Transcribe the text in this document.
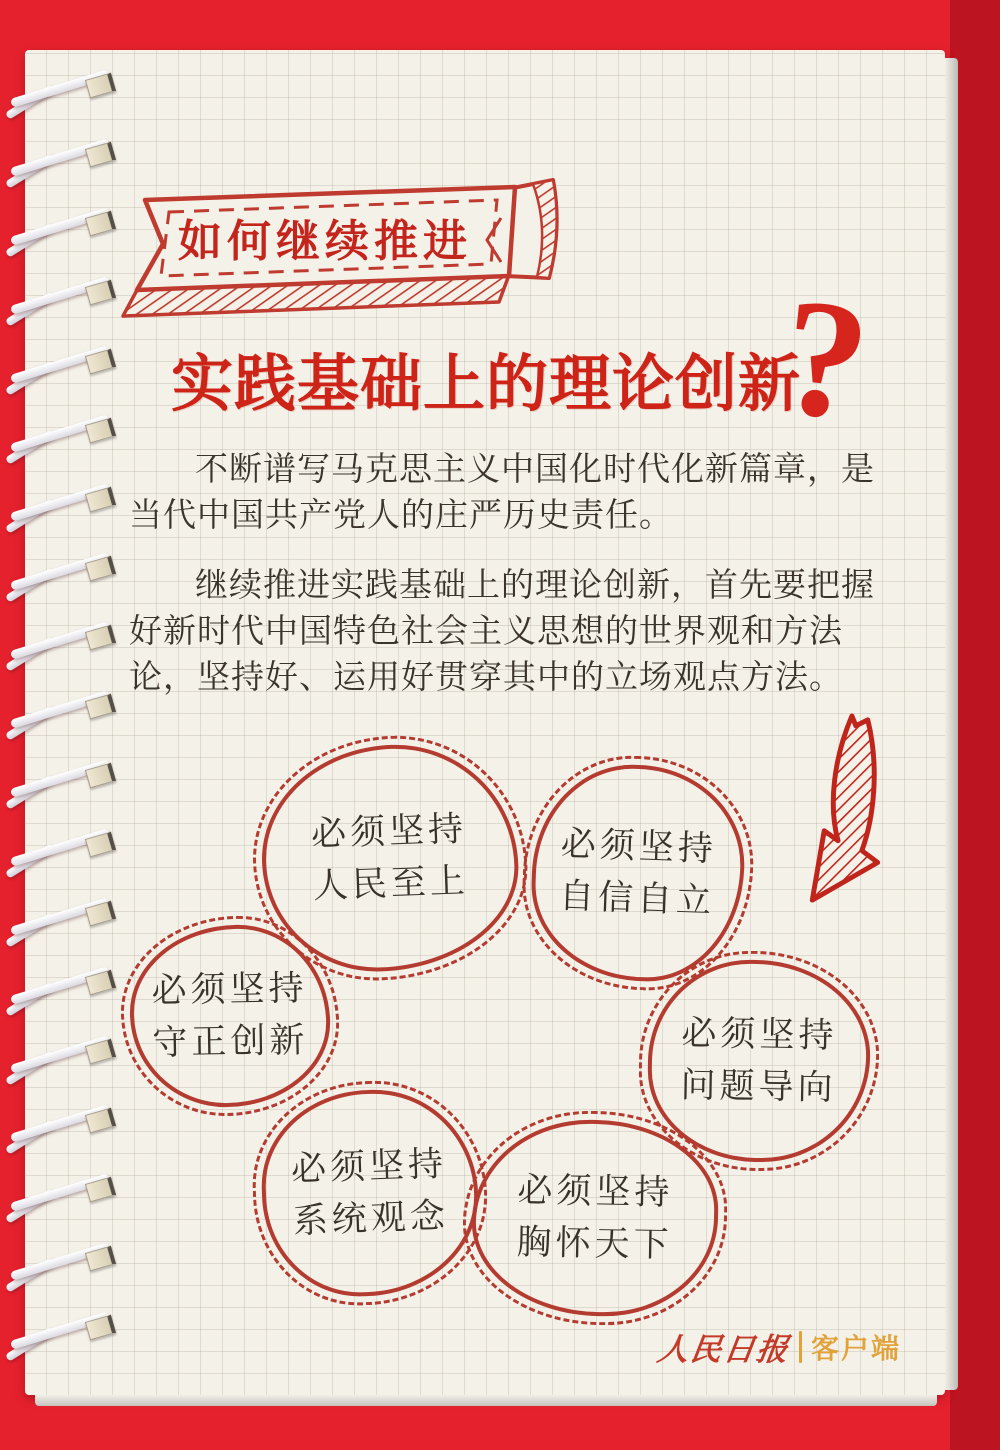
如何继续推进
实践基础上的理论创新
?

不断谱写马克思主义中国化时代化新篇章，是当代中国共产党人的庄严历史责任。

继续推进实践基础上的理论创新，首先要把握好新时代中国特色社会主义思想的世界观和方法论，坚持好、运用好贯穿其中的立场观点方法。

必须坚持
人民至上
必须坚持
自信自立
必须坚持
守正创新	必须坚持
问题导向
必须坚持
系统观念
必须坚持
胸怀天下
人民日报 客户端
